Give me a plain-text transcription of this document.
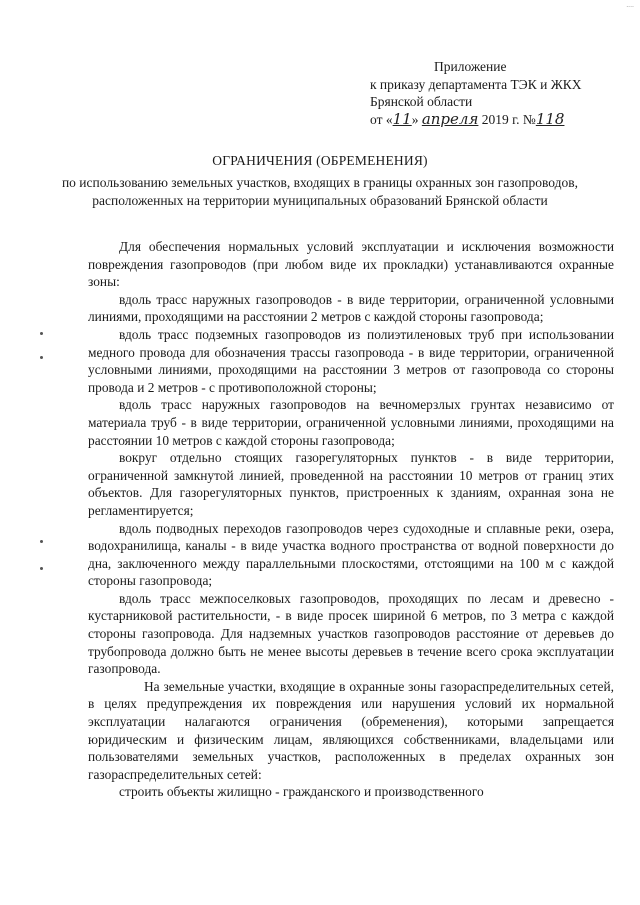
....
Приложение
к приказу департамента ТЭК и ЖКХ
Брянской области
от «11» апреля 2019 г. №118
ОГРАНИЧЕНИЯ (ОБРЕМЕНЕНИЯ)
по использованию земельных участков, входящих в границы охранных зон газопроводов, расположенных на территории муниципальных образований Брянской области

Для обеспечения нормальных условий эксплуатации и исключения возможности повреждения газопроводов (при любом виде их прокладки) устанавливаются охранные зоны:

вдоль трасс наружных газопроводов - в виде территории, ограниченной условными линиями, проходящими на расстоянии 2 метров с каждой стороны газопровода;

вдоль трасс подземных газопроводов из полиэтиленовых труб при использовании медного провода для обозначения трассы газопровода - в виде территории, ограниченной условными линиями, проходящими на расстоянии 3 метров от газопровода со стороны провода и 2 метров - с противоположной стороны;

вдоль трасс наружных газопроводов на вечномерзлых грунтах независимо от материала труб - в виде территории, ограниченной условными линиями, проходящими на расстоянии 10 метров с каждой стороны газопровода;

вокруг отдельно стоящих газорегуляторных пунктов - в виде территории, ограниченной замкнутой линией, проведенной на расстоянии 10 метров от границ этих объектов. Для газорегуляторных пунктов, пристроенных к зданиям, охранная зона не регламентируется;

вдоль подводных переходов газопроводов через судоходные и сплавные реки, озера, водохранилища, каналы - в виде участка водного пространства от водной поверхности до дна, заключенного между параллельными плоскостями, отстоящими на 100 м с каждой стороны газопровода;

вдоль трасс межпоселковых газопроводов, проходящих по лесам и древесно - кустарниковой растительности, - в виде просек шириной 6 метров, по 3 метра с каждой стороны газопровода. Для надземных участков газопроводов расстояние от деревьев до трубопровода должно быть не менее высоты деревьев в течение всего срока эксплуатации газопровода.

На земельные участки, входящие в охранные зоны газораспределительных сетей, в целях предупреждения их повреждения или нарушения условий их нормальной эксплуатации налагаются ограничения (обременения), которыми запрещается юридическим и физическим лицам, являющихся собственниками, владельцами или пользователями земельных участков, расположенных в пределах охранных зон газораспределительных сетей:

строить объекты жилищно - гражданского и производственного
